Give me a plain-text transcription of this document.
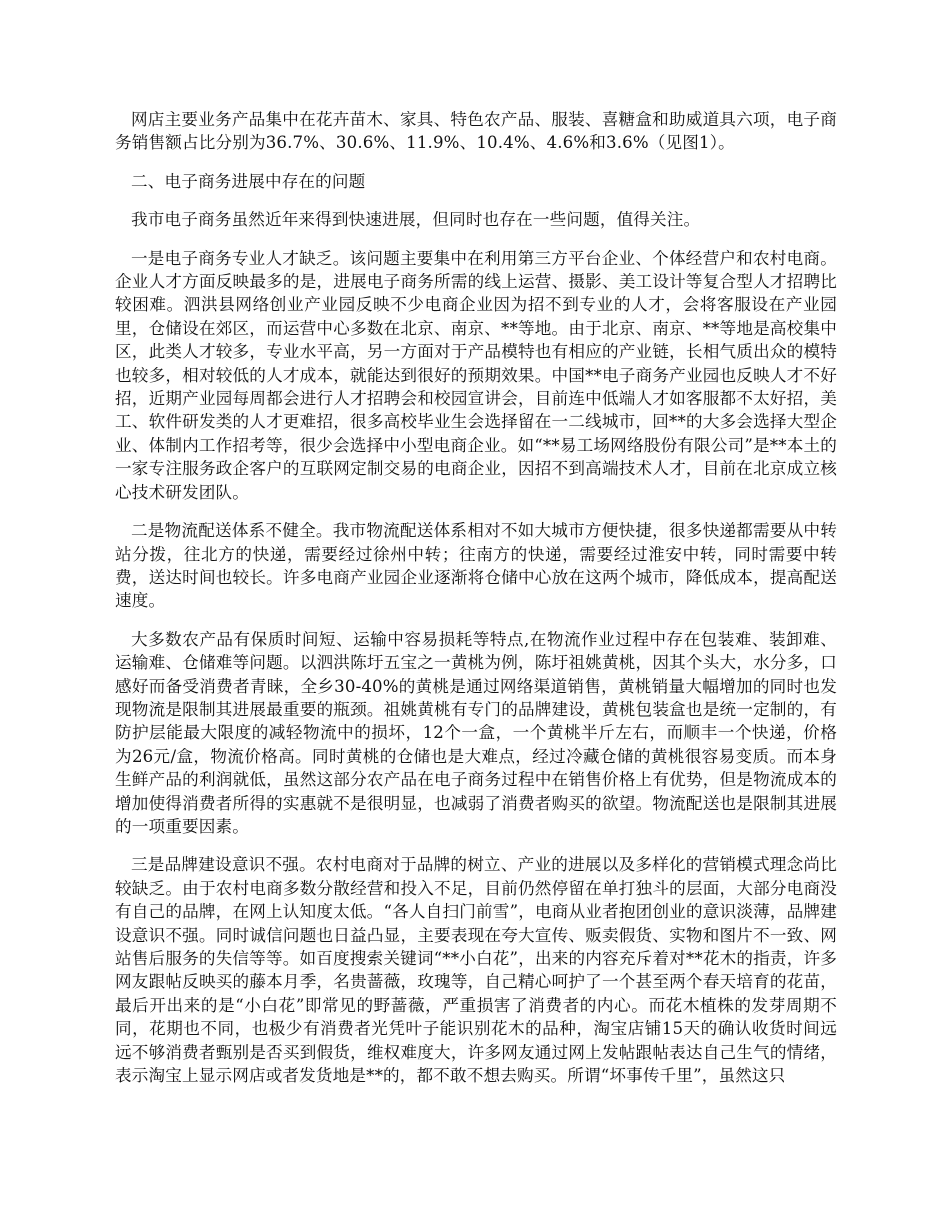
网店主要业务产品集中在花卉苗木、家具、特色农产品、服装、喜糖盒和助威道具六项，电子商务销售额占比分别为36.7%、30.6%、11.9%、10.4%、4.6%和3.6%（见图1）。

二、电子商务进展中存在的问题

我市电子商务虽然近年来得到快速进展，但同时也存在一些问题，值得关注。

一是电子商务专业人才缺乏。该问题主要集中在利用第三方平台企业、个体经营户和农村电商。企业人才方面反映最多的是，进展电子商务所需的线上运营、摄影、美工设计等复合型人才招聘比较困难。泗洪县网络创业产业园反映不少电商企业因为招不到专业的人才，会将客服设在产业园里，仓储设在郊区，而运营中心多数在北京、南京、**等地。由于北京、南京、**等地是高校集中区，此类人才较多，专业水平高，另一方面对于产品模特也有相应的产业链，长相气质出众的模特也较多，相对较低的人才成本，就能达到很好的预期效果。中国**电子商务产业园也反映人才不好招，近期产业园每周都会进行人才招聘会和校园宣讲会，目前连中低端人才如客服都不太好招，美工、软件研发类的人才更难招，很多高校毕业生会选择留在一二线城市，回**的大多会选择大型企业、体制内工作招考等，很少会选择中小型电商企业。如“**易工场网络股份有限公司”是**本土的一家专注服务政企客户的互联网定制交易的电商企业，因招不到高端技术人才，目前在北京成立核心技术研发团队。

二是物流配送体系不健全。我市物流配送体系相对不如大城市方便快捷，很多快递都需要从中转站分拨，往北方的快递，需要经过徐州中转；往南方的快递，需要经过淮安中转，同时需要中转费，送达时间也较长。许多电商产业园企业逐渐将仓储中心放在这两个城市，降低成本，提高配送速度。

大多数农产品有保质时间短、运输中容易损耗等特点,在物流作业过程中存在包装难、装卸难、运输难、仓储难等问题。以泗洪陈圩五宝之一黄桃为例，陈圩祖姚黄桃，因其个头大，水分多，口感好而备受消费者青睐，全乡30-40%的黄桃是通过网络渠道销售，黄桃销量大幅增加的同时也发现物流是限制其进展最重要的瓶颈。祖姚黄桃有专门的品牌建设，黄桃包装盒也是统一定制的，有防护层能最大限度的减轻物流中的损坏，12个一盒，一个黄桃半斤左右，而顺丰一个快递，价格为26元/盒，物流价格高。同时黄桃的仓储也是大难点，经过冷藏仓储的黄桃很容易变质。而本身生鲜产品的利润就低，虽然这部分农产品在电子商务过程中在销售价格上有优势，但是物流成本的增加使得消费者所得的实惠就不是很明显，也减弱了消费者购买的欲望。物流配送也是限制其进展的一项重要因素。

三是品牌建设意识不强。农村电商对于品牌的树立、产业的进展以及多样化的营销模式理念尚比较缺乏。由于农村电商多数分散经营和投入不足，目前仍然停留在单打独斗的层面，大部分电商没有自己的品牌，在网上认知度太低。“各人自扫门前雪”，电商从业者抱团创业的意识淡薄，品牌建设意识不强。同时诚信问题也日益凸显，主要表现在夸大宣传、贩卖假货、实物和图片不一致、网站售后服务的失信等等。如百度搜索关键词“**小白花”，出来的内容充斥着对**花木的指责，许多网友跟帖反映买的藤本月季，名贵蔷薇，玫瑰等，自己精心呵护了一个甚至两个春天培育的花苗，最后开出来的是“小白花”即常见的野蔷薇，严重损害了消费者的内心。而花木植株的发芽周期不同，花期也不同，也极少有消费者光凭叶子能识别花木的品种，淘宝店铺15天的确认收货时间远远不够消费者甄别是否买到假货，维权难度大，许多网友通过网上发帖跟帖表达自己生气的情绪，表示淘宝上显示网店或者发货地是**的，都不敢不想去购买。所谓“坏事传千里”，虽然这只
